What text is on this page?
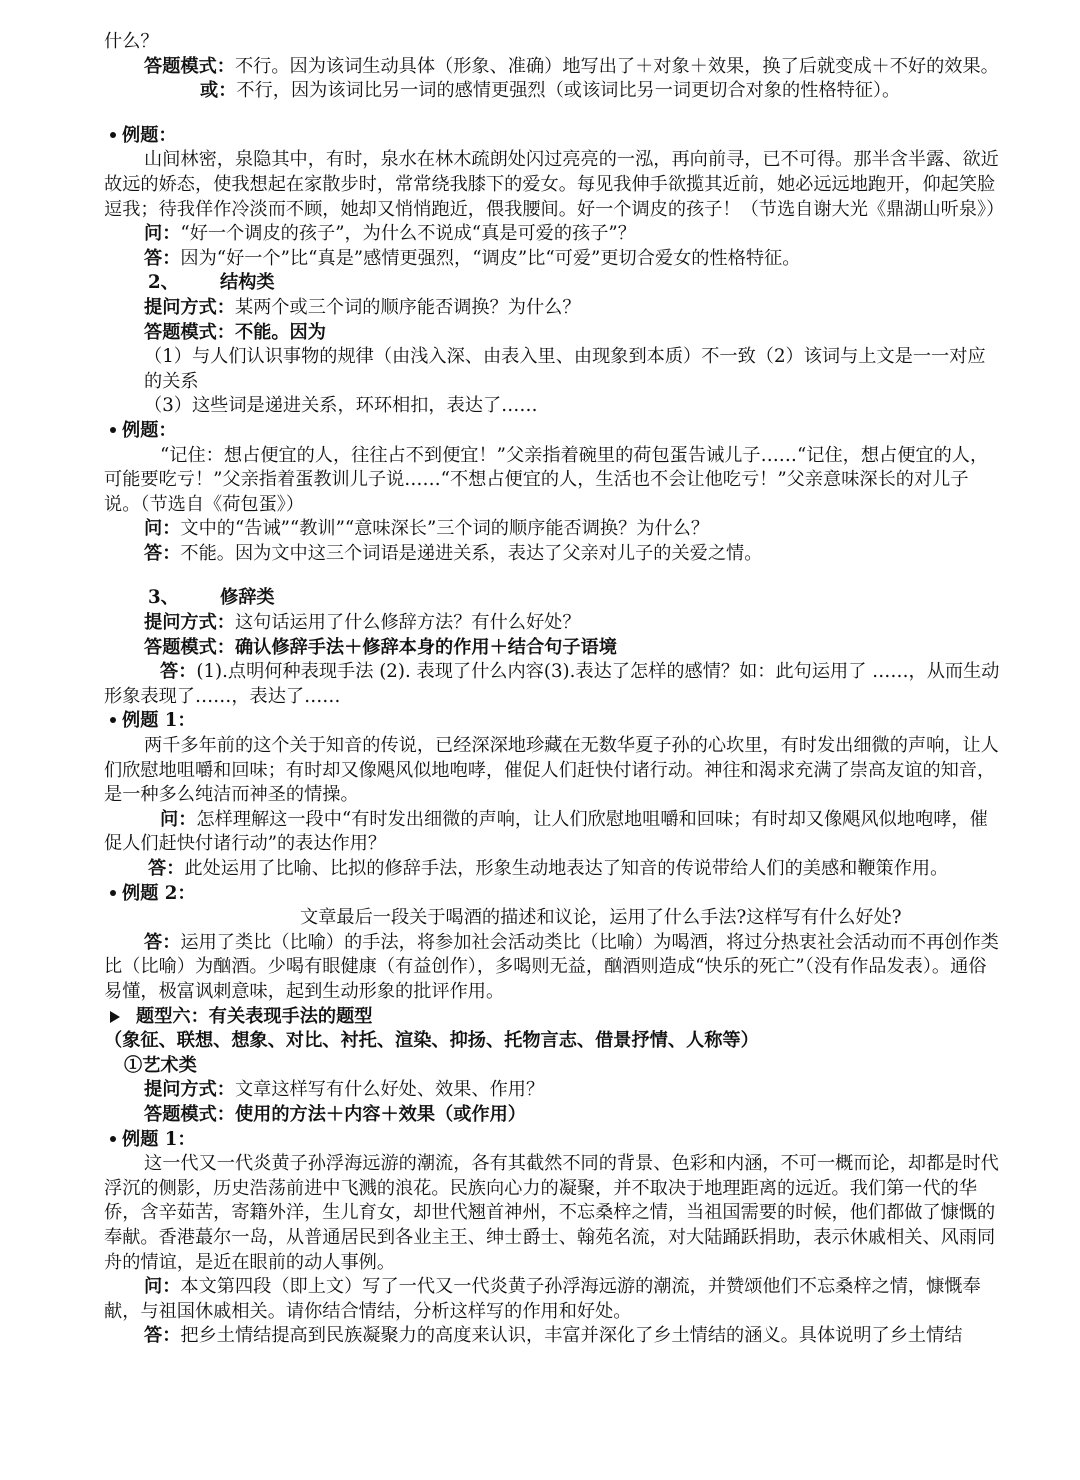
什么？

答题模式：不行。因为该词生动具体（形象、准确）地写出了＋对象＋效果，换了后就变成＋不好的效果。

或：不行，因为该词比另一词的感情更强烈（或该词比另一词更切合对象的性格特征）。

例题：

山间林密，泉隐其中，有时，泉水在林木疏朗处闪过亮亮的一泓，再向前寻，已不可得。那半含半露、欲近故远的娇态，使我想起在家散步时，常常绕我膝下的爱女。每见我伸手欲揽其近前，她必远远地跑开，仰起笑脸逗我；待我佯作冷淡而不顾，她却又悄悄跑近，偎我腰间。好一个调皮的孩子！（节选自谢大光《鼎湖山听泉》）

问：“好一个调皮的孩子”，为什么不说成“真是可爱的孩子”？

答：因为“好一个”比“真是”感情更强烈，“调皮”比“可爱”更切合爱女的性格特征。

2、 结构类

提问方式：某两个或三个词的顺序能否调换？为什么？

答题模式：不能。因为

（1）与人们认识事物的规律（由浅入深、由表入里、由现象到本质）不一致（2）该词与上文是一一对应的关系

（3）这些词是递进关系，环环相扣，表达了……

例题：

“记住：想占便宜的人，往往占不到便宜！”父亲指着碗里的荷包蛋告诫儿子……“记住，想占便宜的人，可能要吃亏！”父亲指着蛋教训儿子说……“不想占便宜的人，生活也不会让他吃亏！”父亲意味深长的对儿子说。（节选自《荷包蛋》）

问：文中的“告诫”“教训”“意味深长”三个词的顺序能否调换？为什么？

答：不能。因为文中这三个词语是递进关系，表达了父亲对儿子的关爱之情。

3、 修辞类

提问方式：这句话运用了什么修辞方法？有什么好处？

答题模式：确认修辞手法＋修辞本身的作用＋结合句子语境

答：(1).点明何种表现手法 (2). 表现了什么内容(3).表达了怎样的感情？如：此句运用了 ……，从而生动形象表现了……，表达了……

例题 1：

两千多年前的这个关于知音的传说，已经深深地珍藏在无数华夏子孙的心坎里，有时发出细微的声响，让人们欣慰地咀嚼和回味；有时却又像飓风似地咆哮，催促人们赶快付诸行动。神往和渴求充满了崇高友谊的知音，是一种多么纯洁而神圣的情操。

问：怎样理解这一段中“有时发出细微的声响，让人们欣慰地咀嚼和回味；有时却又像飓风似地咆哮，催促人们赶快付诸行动”的表达作用？

答：此处运用了比喻、比拟的修辞手法，形象生动地表达了知音的传说带给人们的美感和鞭策作用。

例题 2：

文章最后一段关于喝酒的描述和议论，运用了什么手法?这样写有什么好处?

答：运用了类比（比喻）的手法，将参加社会活动类比（比喻）为喝酒，将过分热衷社会活动而不再创作类比（比喻）为酗酒。少喝有眼健康（有益创作），多喝则无益，酗酒则造成“快乐的死亡”（没有作品发表）。通俗易懂，极富讽刺意味，起到生动形象的批评作用。

题型六：有关表现手法的题型

（象征、联想、想象、对比、衬托、渲染、抑扬、托物言志、借景抒情、人称等）

①艺术类

提问方式：文章这样写有什么好处、效果、作用？

答题模式：使用的方法＋内容＋效果（或作用）

例题 1：

这一代又一代炎黄子孙浮海远游的潮流，各有其截然不同的背景、色彩和内涵，不可一概而论，却都是时代浮沉的侧影，历史浩荡前进中飞溅的浪花。民族向心力的凝聚，并不取决于地理距离的远近。我们第一代的华侨，含辛茹苦，寄籍外洋，生儿育女，却世代翘首神州，不忘桑梓之情，当祖国需要的时候，他们都做了慷慨的奉献。香港蕞尔一岛，从普通居民到各业主王、绅士爵士、翰苑名流，对大陆踊跃捐助，表示休戚相关、风雨同舟的情谊，是近在眼前的动人事例。

问：本文第四段（即上文）写了一代又一代炎黄子孙浮海远游的潮流，并赞颂他们不忘桑梓之情，慷慨奉献，与祖国休戚相关。请你结合情结，分析这样写的作用和好处。

答：把乡土情结提高到民族凝聚力的高度来认识，丰富并深化了乡土情结的涵义。具体说明了乡土情结
